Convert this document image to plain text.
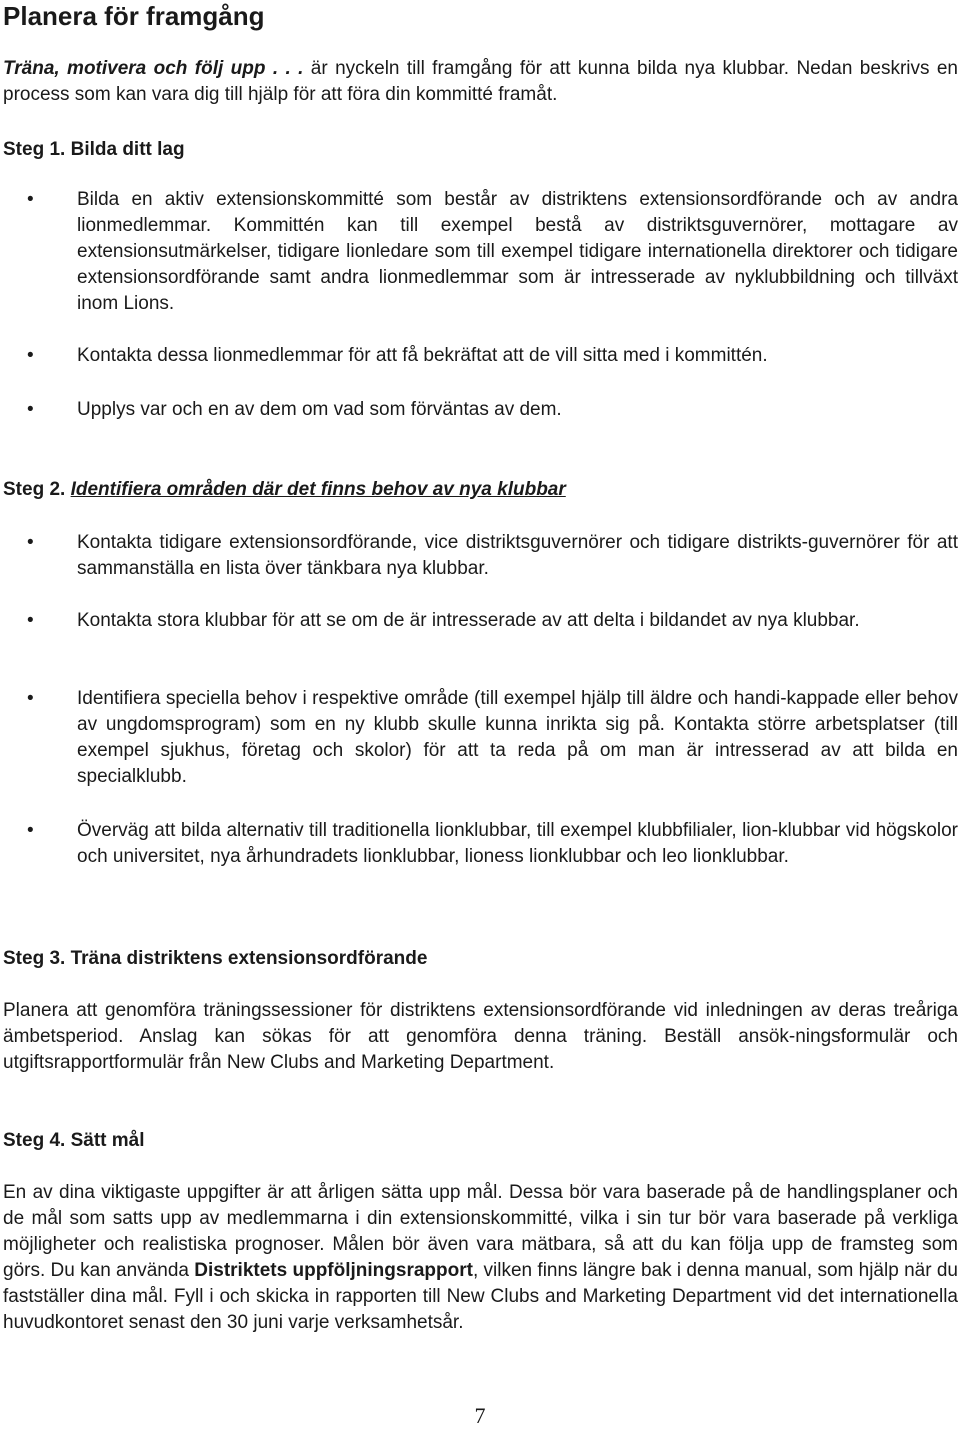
Planera för framgång

Träna, motivera och följ upp . . . är nyckeln till framgång för att kunna bilda nya klubbar. Nedan beskrivs en process som kan vara dig till hjälp för att föra din kommitté framåt.

Steg 1. Bilda ditt lag

• Bilda en aktiv extensionskommitté som består av distriktens extensionsordförande och av andra lionmedlemmar. Kommittén kan till exempel bestå av distriktsguvernörer, mottagare av extensionsutmärkelser, tidigare lionledare som till exempel tidigare internationella direktorer och tidigare extensionsordförande samt andra lionmedlemmar som är intresserade av nyklubbildning och tillväxt inom Lions.
• Kontakta dessa lionmedlemmar för att få bekräftat att de vill sitta med i kommittén.
• Upplys var och en av dem om vad som förväntas av dem.

Steg 2. Identifiera områden där det finns behov av nya klubbar

• Kontakta tidigare extensionsordförande, vice distriktsguvernörer och tidigare distrikts-guvernörer för att sammanställa en lista över tänkbara nya klubbar.
• Kontakta stora klubbar för att se om de är intresserade av att delta i bildandet av nya klubbar.
• Identifiera speciella behov i respektive område (till exempel hjälp till äldre och handi-kappade eller behov av ungdomsprogram) som en ny klubb skulle kunna inrikta sig på. Kontakta större arbetsplatser (till exempel sjukhus, företag och skolor) för att ta reda på om man är intresserad av att bilda en specialklubb.
• Överväg att bilda alternativ till traditionella lionklubbar, till exempel klubbfilialer, lion-klubbar vid högskolor och universitet, nya århundradets lionklubbar, lioness lionklubbar och leo lionklubbar.

Steg 3. Träna distriktens extensionsordförande

Planera att genomföra träningssessioner för distriktens extensionsordförande vid inledningen av deras treåriga ämbetsperiod. Anslag kan sökas för att genomföra denna träning. Beställ ansök-ningsformulär och utgiftsrapportformulär från New Clubs and Marketing Department.

Steg 4. Sätt mål

En av dina viktigaste uppgifter är att årligen sätta upp mål. Dessa bör vara baserade på de handlingsplaner och de mål som satts upp av medlemmarna i din extensionskommitté, vilka i sin tur bör vara baserade på verkliga möjligheter och realistiska prognoser. Målen bör även vara mätbara, så att du kan följa upp de framsteg som görs. Du kan använda Distriktets uppföljningsrapport, vilken finns längre bak i denna manual, som hjälp när du fastställer dina mål. Fyll i och skicka in rapporten till New Clubs and Marketing Department vid det internationella huvudkontoret senast den 30 juni varje verksamhetsår.

7
